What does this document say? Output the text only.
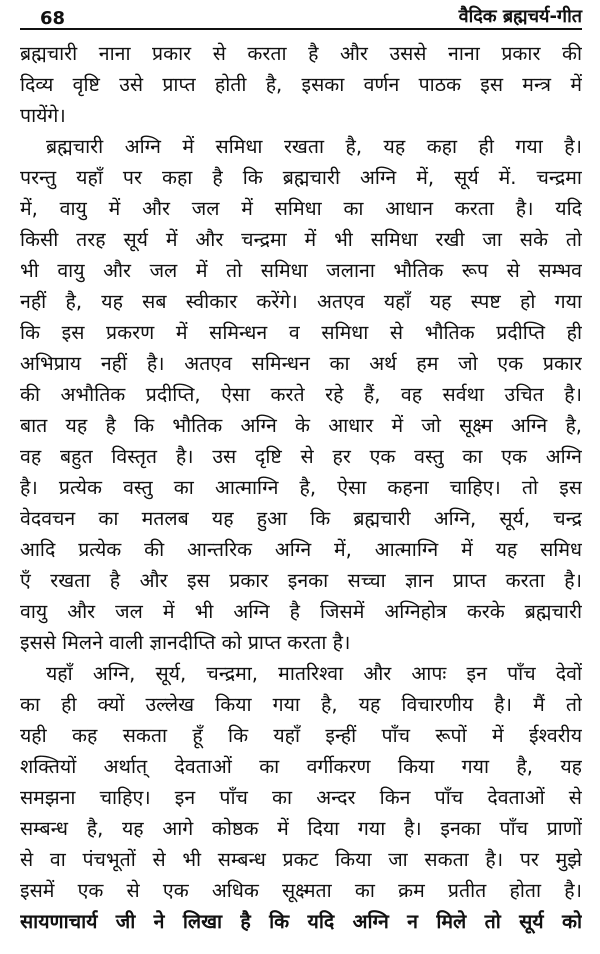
68	वैदिक ब्रह्मचर्य-गीत

ब्रह्मचारी नाना प्रकार से करता है और उससे नाना प्रकार की
दिव्य वृष्टि उसे प्राप्त होती है, इसका वर्णन पाठक इस मन्त्र में
पायेंगे।

ब्रह्मचारी अग्नि में समिधा रखता है, यह कहा ही गया है।
परन्तु यहाँ पर कहा है कि ब्रह्मचारी अग्नि में, सूर्य में. चन्द्रमा
में, वायु में और जल में समिधा का आधान करता है। यदि
किसी तरह सूर्य में और चन्द्रमा में भी समिधा रखी जा सके तो
भी वायु और जल में तो समिधा जलाना भौतिक रूप से सम्भव
नहीं है, यह सब स्वीकार करेंगे। अतएव यहाँ यह स्पष्ट हो गया
कि इस प्रकरण में समिन्धन व समिधा से भौतिक प्रदीप्ति ही
अभिप्राय नहीं है। अतएव समिन्धन का अर्थ हम जो एक प्रकार
की अभौतिक प्रदीप्ति, ऐसा करते रहे हैं, वह सर्वथा उचित है।
बात यह है कि भौतिक अग्नि के आधार में जो सूक्ष्म अग्नि है,
वह बहुत विस्तृत है। उस दृष्टि से हर एक वस्तु का एक अग्नि
है। प्रत्येक वस्तु का आत्माग्नि है, ऐसा कहना चाहिए। तो इस
वेदवचन का मतलब यह हुआ कि ब्रह्मचारी अग्नि, सूर्य, चन्द्र
आदि प्रत्येक की आन्तरिक अग्नि में, आत्माग्नि में यह समिध
एँ रखता है और इस प्रकार इनका सच्चा ज्ञान प्राप्त करता है।
वायु और जल में भी अग्नि है जिसमें अग्निहोत्र करके ब्रह्मचारी
इससे मिलने वाली ज्ञानदीप्ति को प्राप्त करता है।

यहाँ अग्नि, सूर्य, चन्द्रमा, मातरिश्वा और आपः इन पाँच देवों
का ही क्यों उल्लेख किया गया है, यह विचारणीय है। मैं तो
यही कह सकता हूँ कि यहाँ इन्हीं पाँच रूपों में ईश्वरीय
शक्तियों अर्थात् देवताओं का वर्गीकरण किया गया है, यह
समझना चाहिए। इन पाँच का अन्दर किन पाँच देवताओं से
सम्बन्ध है, यह आगे कोष्ठक में दिया गया है। इनका पाँच प्राणों
से वा पंचभूतों से भी सम्बन्ध प्रकट किया जा सकता है। पर मुझे
इसमें एक से एक अधिक सूक्ष्मता का क्रम प्रतीत होता है।
सायणाचार्य जी ने लिखा है कि यदि अग्नि न मिले तो सूर्य को
